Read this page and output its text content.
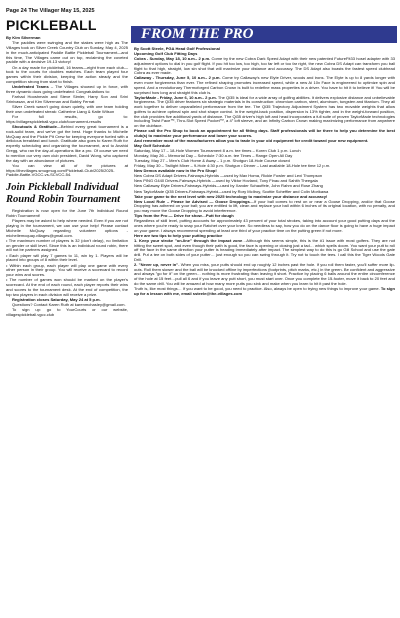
Page 24 The Villager May 15, 2025
PICKLEBALL

By Kim Silverman

The paddles were swinging and the stakes were high as The Villages took on Silver Creek Country Club on Sunday, May 4, 2025 in the much-anticipated Paddle Battle Pickleball Tournament—and this time, The Villages came out on top, reclaiming the coveted paddle with a decisive 19-13 victory!

On a day made for pickleball, 16 teams—eight from each club—took to the courts for doubles matches. Each team played four games within their division, keeping the action steady and the competition strong from start to finish.

Undefeated Teams – The Villages showed up in force, with three dynamic duos going undefeated: Congratulations to:

Farhad Hooshmain and Steve Simler, Harry Son and Srini Srinivasan, and Kim Silverman and Bobby Fernat

Silver Creek wasn't going down quietly, with one team holding their own undefeated streak: Catherine Liang & Katie Wilson

For full results, go to: https://villagespickleball.vgcc.club/tournament-results

Shoutouts & Gratitude—Behind every great tournament is a rock-solid team, and we've got the best. Huge thanks to Michelle McQuay and the Pickle Pit Crew for keeping everyone fueled with a delicious breakfast and lunch. Gratitude also goes to Karen Ruth for expertly scheduling and organizing the tournament, and to Anahid Gregg, who ran the day-of-operations like a pro. Of course we need to mention our very own club president, David Wong, who captured the day with an abundance of pictures.

You can view all of the pictures at https://thevillages.smugmug.com/Pickleball-Club/2025/2025-Paddle-Battle-VGCC-vs-SCVCC-54.

Join Pickleball Individual Round Robin Tournament

Registration is now open for the June 7th Individual Round Robin Tournament!

Players may be asked to help where needed. Even if you are not playing in the tournament, we can use your help! Please contact Michelle McQuay regarding volunteer options - michellemcquay.villages@gmail.com.

• The maximum number of players is 32 (don't delay), no limitation on gender or skill level. Since this is an individual round robin, there will not be partners assigned.

• Each player will play 7 games to 11, win by 1. Players will be placed into groups of 8 within their level.

• Within each group, each player will play one game with every other person in their group. You will receive a scorecard to record your wins and scores.

• The number of games won should be marked on the player's scorecard. At the end of each round, each player reports their wins and scores to the tournament desk. At the end of competition, the top two players in each division will receive a prize.

Registration closes Saturday, May 24 at 5 p.m.

Questions? Contact Karen Ruth at karenmchasley@gmail.com.

To sign up: go to YourCourts or our website, villagespickleball.vgcc.club

FROM THE PRO

By Scott Steele, PGA Head Golf Professional

Upcoming Golf Club Fitting Days

Cobra - Sunday, May 18, 10 a.m.- 2 p.m. Come try the new Cobra Dark Speed Adapt with their new patented FutureFit33 hosel adapter with 33 adjustment options to dial in you golf flight. If you hit too low, too high, too far left or too far right, the new Cobra DS Adapt can transform you ball flight to that high, straight, low sin shot that will maximize your distance and accuracy. The DS Adapt also boasts the fastest speed clubhead Cobra as ever made.

Callaway - Thursday, June 5, 10 a.m.- 2 p.m. Come try Callaway's new Elyte Driver, woods and irons. The Elyte is up to 8 yards longer with even more forgiveness than ever. The refined shaping promotes increased speed, while a new Ai 10x Face is engineered to optimize spin and speed. And a revolutionary Thermoforged Carbon Crown is built to redefine mass properties in a driver. You have to hit it to believe it! You will be surprised how long and straight this club is.

TaylorMade - Friday, June 6, 10 a.m.- 2 p.m. The Qi35 is ideal for a wide array of golfing abilities. It delivers explosive distance and unbelievable forgiveness. The Qi35 driver features six strategic materials in its construction: chromium carbon, steel, aluminum, tungsten and titanium. They all work together to deliver unparalleled performance from the tee. The Qi35 Trajectory Adjustment System has two movable weights that allow golfers to achieve optimal spin and shot shape control. In the weight-back position, dispersion is 13% tighter, and in the weight-forward position, the club provides five additional yards of distance. The Qi35 driver's high loft and head incorporates a full suite of proven TaylorMade technologies including Twist Face™, Thru-Slot Speed Pocket™, a 4° loft sleeve, and an Infinity Carbon Crown making maximizing performance from anywhere on the clubface.

Please call the Pro Shop to book an appointment for all fitting days. Staff professionals will be there to help you determine the best club(s) to maximize your performance and lower your scores.

And remember most of the manufacturers allow you to trade in your old equipment for credit toward your new equipment.

May Golf Schedule

Saturday, May 17 – 18-Hole Women Tournament 8 a.m. tee times – Koren Club 1 p.m. Lunch

Monday, May 26 – Memorial Day – Schedule 7:30 a.m. tee Times – Range Open All Day

Tuesday, May 27 – Men's Club Home & Away – 1 p.m. Shotgun 18-Hole Course closed

Friday, May 30 – Twilight Mixer – 9-Hole 4:30 p.m. Shotgun • Dinner – Last available 18-Hole tee time 12 p.m.

New Demos available now in the Pro Shop!

New Cobra DS Adapt Drivers-Fairways-Hybrids —used by Max Homa, Rickie Fowler and Lexi Thompson

New PING G440 Drivers-Fairways-Hybrids —used by Viktor Hovland, Tony Finau and Sahith Theegala

New Callaway Elyte Drivers-Fairways-Hybrids—used by Xander Schauffele, John Rahm and Rose Zhang

New TaylorMade Qi35 Drivers-Fairways-Hybrid—used by Rory McIlroy, Scottie Scheffler and Colin Morikawa

Take your game to the next level with new 2025 technology to maximize your distance and accuracy!

New Local Rule – Please be Advised — Goose Droppings—If your ball comes to rest on or near a Goose Dropping, and/or that Goose Dropping has adhered on your ball; you are entitled to lift, clean and replace your ball within 6 inches of its original location, with no penalty, and you may move the Goose Dropping to avoid interference.

Tips from the Pro — Drive for show…Putt for dough

Regardless of skill level, putting accounts for approximately 43 percent of your total strokes, taking into account your good putting days and the ones where you're ready to snap your Ratchet over your knee. So needless to say, how you do on the dance floor is going to have a huge impact on your game. I always recommend spending at least one third of your practice time on the putting green if not more.

Here are two tips to help your putting practice

1. Keep your stroke "on-line" through the impact zone…Although this seems simple, this is the #1 issue with most golfers. They are not hitting the sweet spot, and even though their path is good, the face is opening or closing just a tad… which spells doom. You want your putt to roll off the face in the same direction your putter is heading immediately after impact. The simplest way to do this is go Gill School and use the gate drill. Put a tee on both sides of your putter… just enough so you can swing through it. Try not to touch the tees. I call this the Tiger Woods Gate Drill.

2. "Never up, never in"- When you miss, your putts should end up roughly 12 inches past the hole. If you roll them faster, you'll suffer more lip-outs. Roll them slower and the ball will be knocked offline by imperfections (footprints, pitch marks, etc.) in the green. Be confident and aggressive and always "go for it" on the green… nothing is more frustrating than leaving it short. Practice by placing 6 balls around the entire circumference of the hole at 15 feet…pull all 6 and if you leave any putt short, you must start over. Once you complete the 15-footer, move it back to 20 feet and do the same drill. You will be amazed at how many more putts you sink and make when you learn to hit it past the hole.

Truth is, like most things… If you want to be good, you need to practice. Also, always be open to trying new things to improve your game. To sign up for a lesson with me, email ssteele@the-villages.com
